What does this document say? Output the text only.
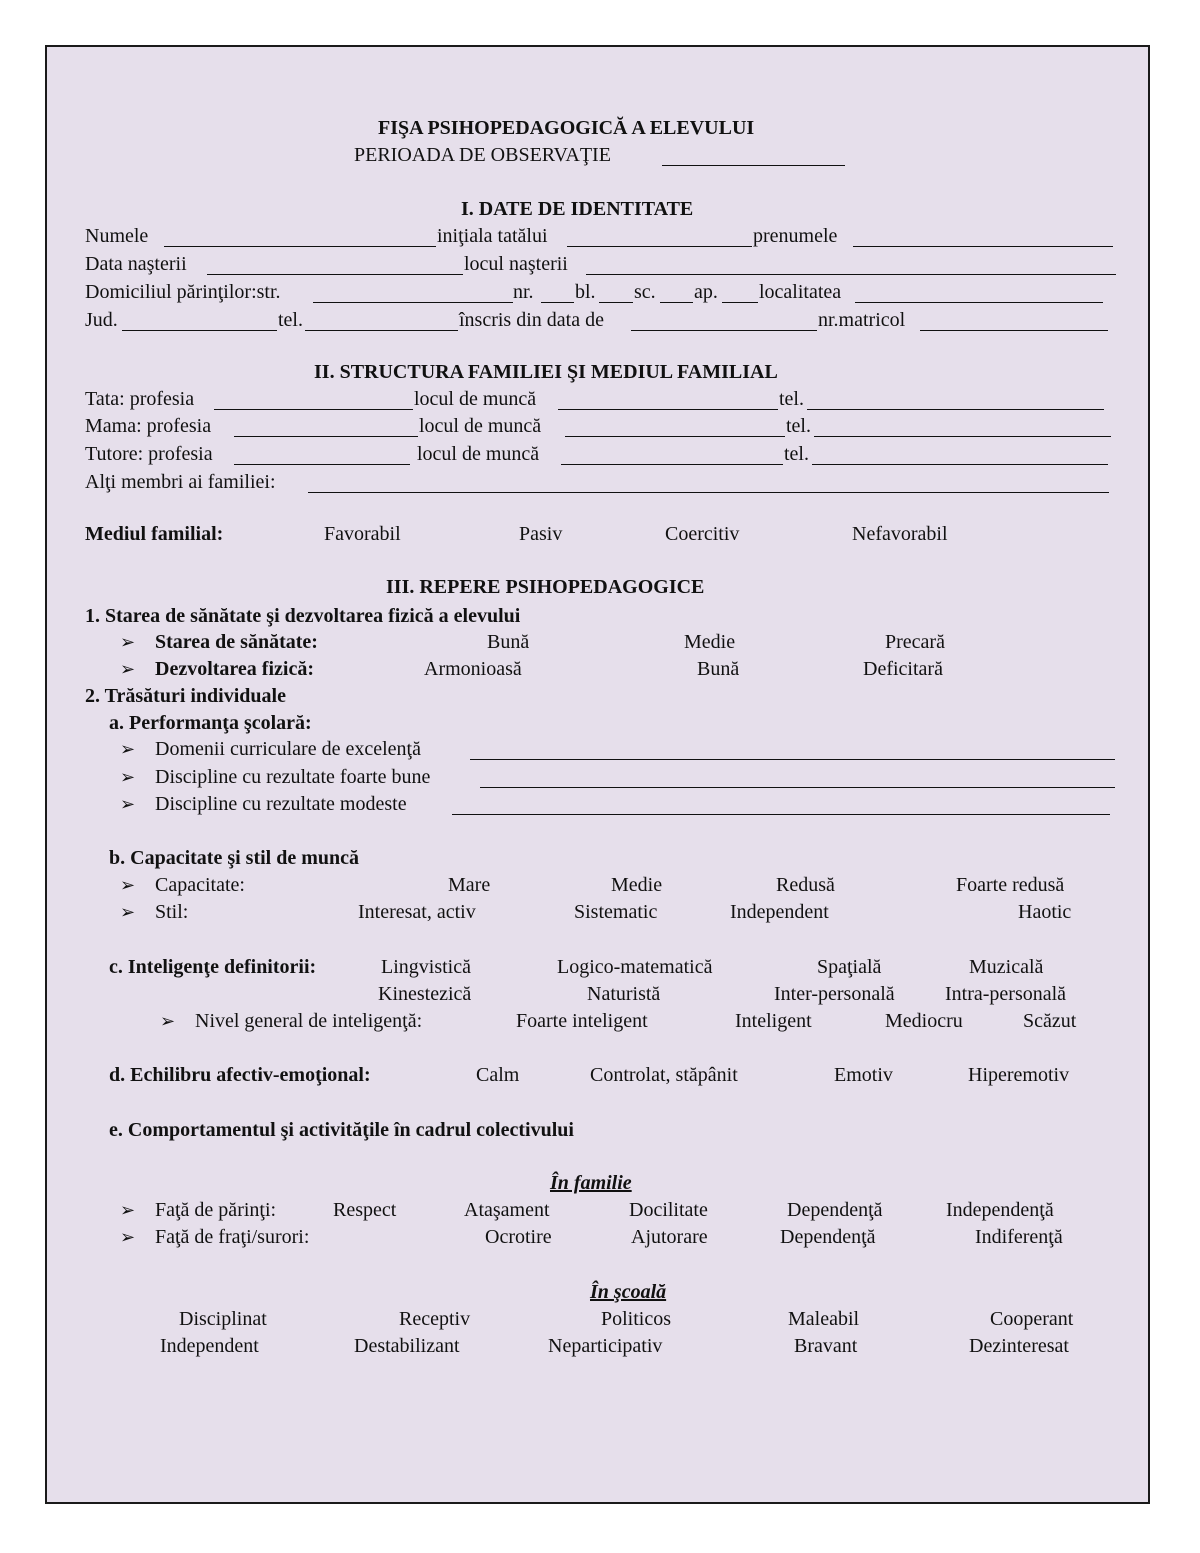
FIŞA PSIHOPEDAGOGICĂ A ELEVULUI
PERIOADA DE OBSERVAŢIE
I. DATE DE IDENTITATE
Numele	iniţiala tatălui	prenumele
Data naşterii	locul naşterii
Domiciliul părinţilor:str.	nr. bl. sc. ap. localitatea
Jud.	tel.	înscris din data de	nr.matricol
II. STRUCTURA FAMILIEI ŞI MEDIUL FAMILIAL
Tata: profesia	locul de muncă	tel.
Mama: profesia	locul de muncă	tel.
Tutore: profesia	locul de muncă	tel.
Alţi membri ai familiei:
Mediul familial:	Favorabil	Pasiv	Coercitiv	Nefavorabil
III. REPERE PSIHOPEDAGOGICE
1. Starea de sănătate şi dezvoltarea fizică a elevului
➢ Starea de sănătate:	Bună	Medie	Precară
➢ Dezvoltarea fizică:	Armonioasă	Bună	Deficitară
2. Trăsături individuale
a. Performanţa şcolară:
➢ Domenii curriculare de excelenţă
➢ Discipline cu rezultate foarte bune
➢ Discipline cu rezultate modeste
b. Capacitate şi stil de muncă
➢ Capacitate:	Mare	Medie	Redusă	Foarte redusă
➢ Stil:	Interesat, activ	Sistematic	Independent	Haotic
c. Inteligenţe definitorii:	Lingvistică	Logico-matematică	Spaţială	Muzicală
Kinestezică	Naturistă	Inter-personală	Intra-personală
➢ Nivel general de inteligenţă:	Foarte inteligent	Inteligent	Mediocru	Scăzut
d. Echilibru afectiv-emoţional:	Calm	Controlat, stăpânit	Emotiv	Hiperemotiv
e. Comportamentul şi activităţile în cadrul colectivului
În familie
➢ Faţă de părinţi:	Respect	Ataşament	Docilitate	Dependenţă	Independenţă
➢ Faţă de fraţi/surori:	Ocrotire	Ajutorare	Dependenţă	Indiferenţă
În şcoală
Disciplinat	Receptiv	Politicos	Maleabil	Cooperant
Independent	Destabilizant	Neparticipativ	Bravant	Dezinteresat
